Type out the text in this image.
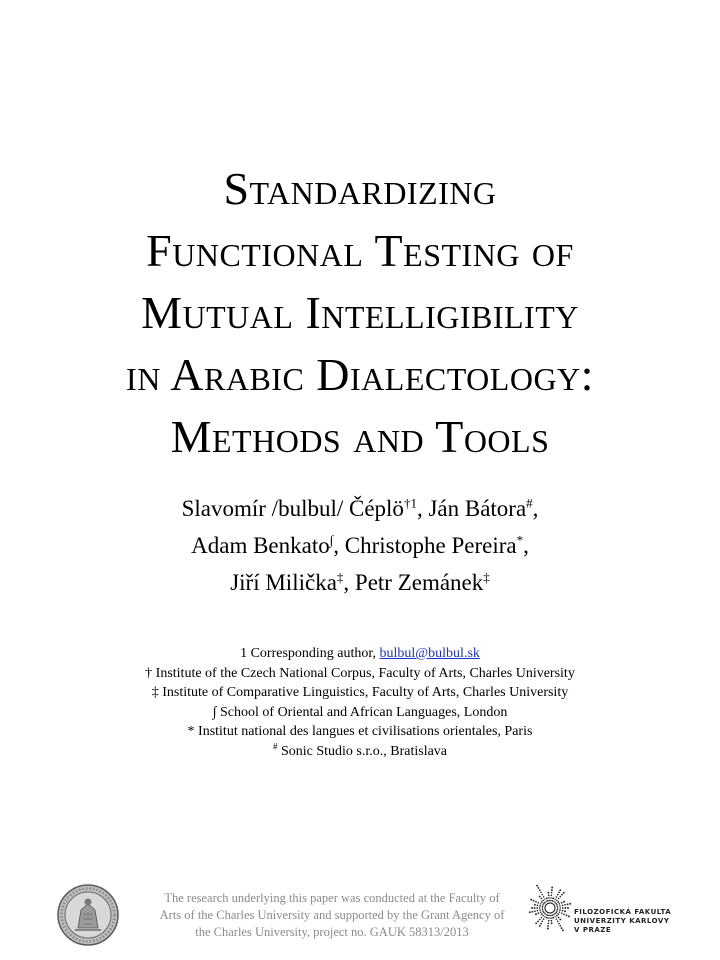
Standardizing
Functional Testing of
Mutual Intelligibility
in Arabic Dialectology:
Methods and Tools
Slavomír /bulbul/ Čéplö$^{\dagger 1}$, Ján Bátora#,
Adam Benkato∫, Christophe Pereira*,
Jiří Milička‡, Petr Zemánek‡
1 Corresponding author, bulbul@bulbul.sk
† Institute of the Czech National Corpus, Faculty of Arts, Charles University
‡ Institute of Comparative Linguistics, Faculty of Arts, Charles University
∫ School of Oriental and African Languages, London
* Institut national des langues et civilisations orientales, Paris
# Sonic Studio s.r.o., Bratislava
The research underlying this paper was conducted at the Faculty of
Arts of the Charles University and supported by the Grant Agency of
the Charles University, project no. GAUK 58313/2013
FILOZOFICKÁ FAKULTA
UNIVERZITY KARLOVY
V PRAZE
